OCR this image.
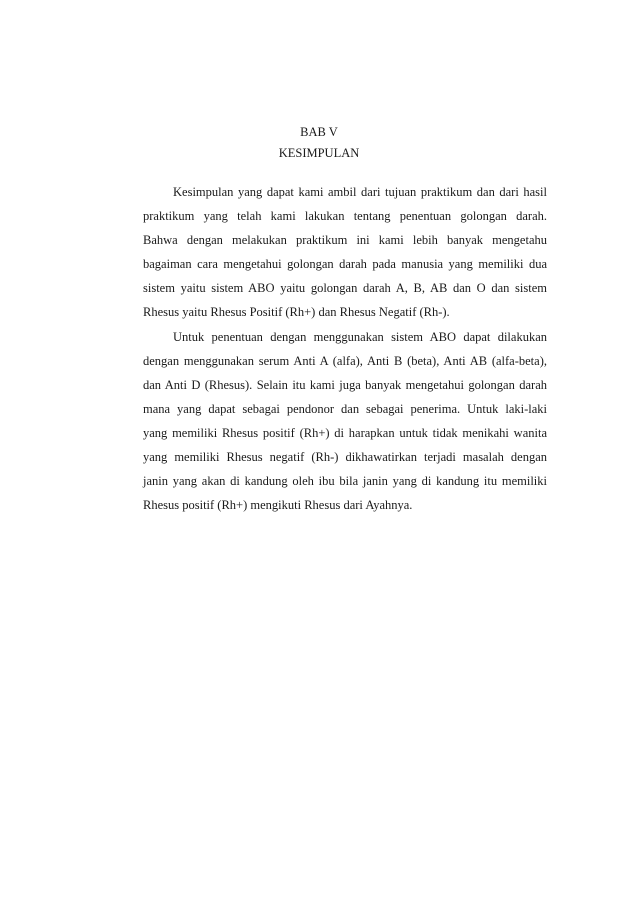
BAB V
KESIMPULAN
Kesimpulan yang dapat kami ambil dari tujuan praktikum dan dari hasil
praktikum yang telah kami lakukan tentang penentuan golongan darah.
Bahwa dengan melakukan praktikum ini kami lebih banyak mengetahu
bagaiman cara mengetahui golongan darah pada manusia yang memiliki dua
sistem yaitu sistem ABO yaitu golongan darah A, B, AB dan O dan sistem
Rhesus yaitu Rhesus Positif (Rh+) dan Rhesus Negatif (Rh-).
Untuk penentuan dengan menggunakan sistem ABO dapat dilakukan
dengan menggunakan serum Anti A (alfa), Anti B (beta), Anti AB (alfa-beta),
dan Anti D (Rhesus). Selain itu kami juga banyak mengetahui golongan darah
mana yang dapat sebagai pendonor dan sebagai penerima. Untuk laki-laki
yang memiliki Rhesus positif (Rh+) di harapkan untuk tidak menikahi wanita
yang memiliki Rhesus negatif (Rh-) dikhawatirkan terjadi masalah dengan
janin yang akan di kandung oleh ibu bila janin yang di kandung itu memiliki
Rhesus positif (Rh+) mengikuti Rhesus dari Ayahnya.
